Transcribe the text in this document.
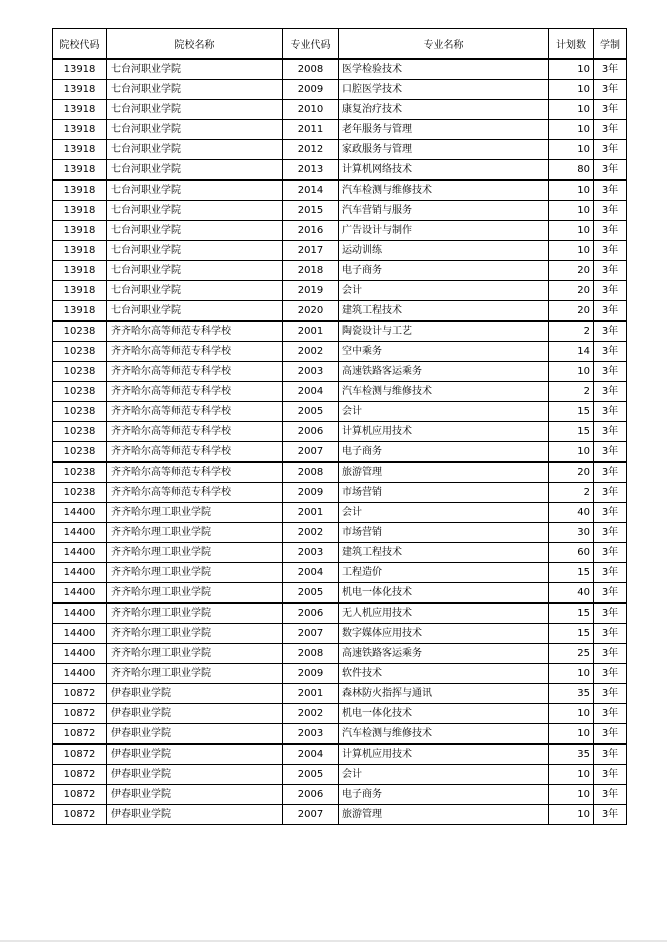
院校代码	院校名称	专业代码	专业名称	计划数	学制
13918	七台河职业学院	2008	医学检验技术	10	3年
13918	七台河职业学院	2009	口腔医学技术	10	3年
13918	七台河职业学院	2010	康复治疗技术	10	3年
13918	七台河职业学院	2011	老年服务与管理	10	3年
13918	七台河职业学院	2012	家政服务与管理	10	3年
13918	七台河职业学院	2013	计算机网络技术	80	3年
13918	七台河职业学院	2014	汽车检测与维修技术	10	3年
13918	七台河职业学院	2015	汽车营销与服务	10	3年
13918	七台河职业学院	2016	广告设计与制作	10	3年
13918	七台河职业学院	2017	运动训练	10	3年
13918	七台河职业学院	2018	电子商务	20	3年
13918	七台河职业学院	2019	会计	20	3年
13918	七台河职业学院	2020	建筑工程技术	20	3年
10238	齐齐哈尔高等师范专科学校	2001	陶瓷设计与工艺	2	3年
10238	齐齐哈尔高等师范专科学校	2002	空中乘务	14	3年
10238	齐齐哈尔高等师范专科学校	2003	高速铁路客运乘务	10	3年
10238	齐齐哈尔高等师范专科学校	2004	汽车检测与维修技术	2	3年
10238	齐齐哈尔高等师范专科学校	2005	会计	15	3年
10238	齐齐哈尔高等师范专科学校	2006	计算机应用技术	15	3年
10238	齐齐哈尔高等师范专科学校	2007	电子商务	10	3年
10238	齐齐哈尔高等师范专科学校	2008	旅游管理	20	3年
10238	齐齐哈尔高等师范专科学校	2009	市场营销	2	3年
14400	齐齐哈尔理工职业学院	2001	会计	40	3年
14400	齐齐哈尔理工职业学院	2002	市场营销	30	3年
14400	齐齐哈尔理工职业学院	2003	建筑工程技术	60	3年
14400	齐齐哈尔理工职业学院	2004	工程造价	15	3年
14400	齐齐哈尔理工职业学院	2005	机电一体化技术	40	3年
14400	齐齐哈尔理工职业学院	2006	无人机应用技术	15	3年
14400	齐齐哈尔理工职业学院	2007	数字媒体应用技术	15	3年
14400	齐齐哈尔理工职业学院	2008	高速铁路客运乘务	25	3年
14400	齐齐哈尔理工职业学院	2009	软件技术	10	3年
10872	伊春职业学院	2001	森林防火指挥与通讯	35	3年
10872	伊春职业学院	2002	机电一体化技术	10	3年
10872	伊春职业学院	2003	汽车检测与维修技术	10	3年
10872	伊春职业学院	2004	计算机应用技术	35	3年
10872	伊春职业学院	2005	会计	10	3年
10872	伊春职业学院	2006	电子商务	10	3年
10872	伊春职业学院	2007	旅游管理	10	3年
